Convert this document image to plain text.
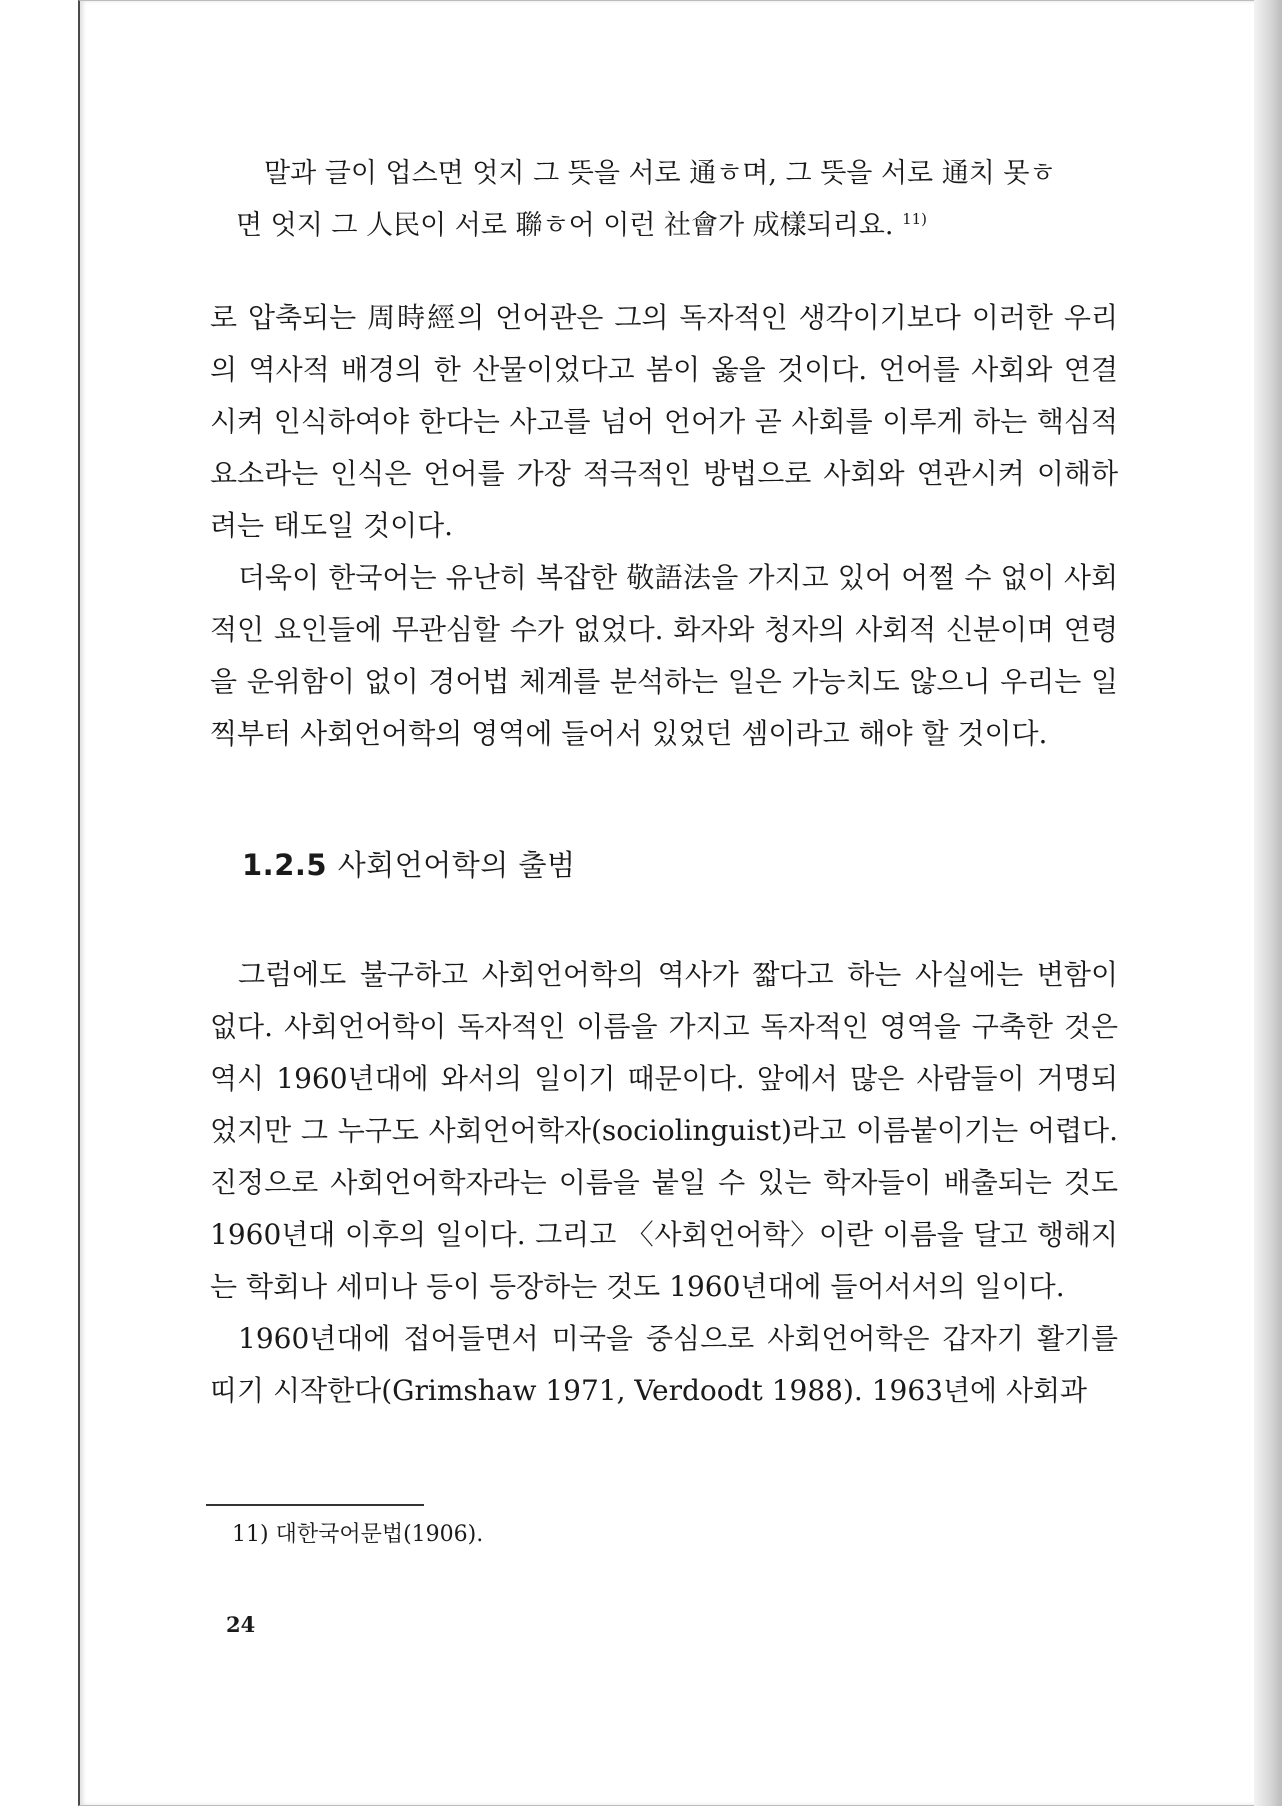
말과 글이 업스면 엇지 그 뜻을 서로 通ㅎ며, 그 뜻을 서로 通치 못ㅎ

면 엇지 그 人民이 서로 聯ㅎ어 이런 社會가 成樣되리요. $^{11)}$

로 압축되는 周時經의 언어관은 그의 독자적인 생각이기보다 이러한 우리의 역사적 배경의 한 산물이었다고 봄이 옳을 것이다. 언어를 사회와 연결시켜 인식하여야 한다는 사고를 넘어 언어가 곧 사회를 이루게 하는 핵심적 요소라는 인식은 언어를 가장 적극적인 방법으로 사회와 연관시켜 이해하려는 태도일 것이다.

더욱이 한국어는 유난히 복잡한 敬語法을 가지고 있어 어쩔 수 없이 사회적인 요인들에 무관심할 수가 없었다. 화자와 청자의 사회적 신분이며 연령을 운위함이 없이 경어법 체계를 분석하는 일은 가능치도 않으니 우리는 일찍부터 사회언어학의 영역에 들어서 있었던 셈이라고 해야 할 것이다.

1.2.5 사회언어학의 출범

그럼에도 불구하고 사회언어학의 역사가 짧다고 하는 사실에는 변함이 없다. 사회언어학이 독자적인 이름을 가지고 독자적인 영역을 구축한 것은 역시 1960년대에 와서의 일이기 때문이다. 앞에서 많은 사람들이 거명되었지만 그 누구도 사회언어학자(sociolinguist)라고 이름붙이기는 어렵다. 진정으로 사회언어학자라는 이름을 붙일 수 있는 학자들이 배출되는 것도 1960년대 이후의 일이다. 그리고 〈사회언어학〉이란 이름을 달고 행해지는 학회나 세미나 등이 등장하는 것도 1960년대에 들어서서의 일이다.

1960년대에 접어들면서 미국을 중심으로 사회언어학은 갑자기 활기를 띠기 시작한다(Grimshaw 1971, Verdoodt 1988). 1963년에 사회과

11) 대한국어문법(1906).
24
